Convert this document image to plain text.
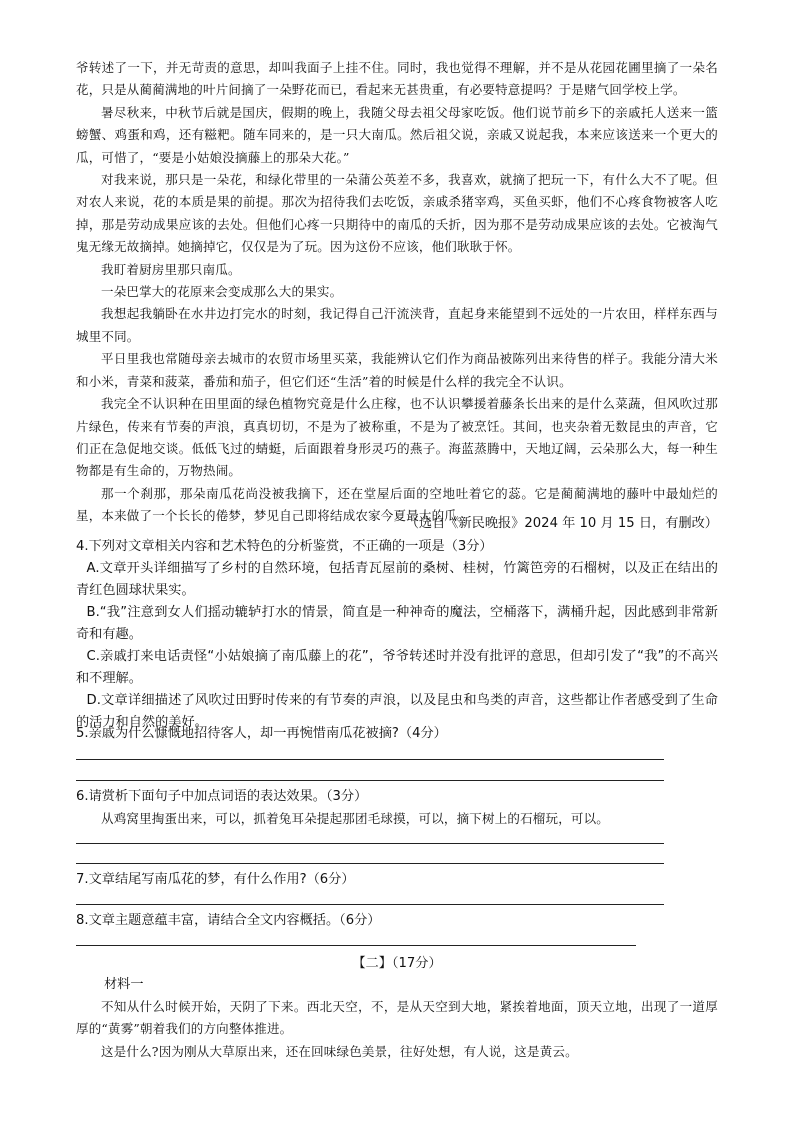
爷转述了一下，并无苛责的意思，却叫我面子上挂不住。同时，我也觉得不理解，并不是从花园花圃里摘了一朵名花，只是从蔺蔺满地的叶片间摘了一朵野花而已，看起来无甚贵重，有必要特意提吗？于是赌气回学校上学。

暑尽秋来，中秋节后就是国庆，假期的晚上，我随父母去祖父母家吃饭。他们说节前乡下的亲戚托人送来一篮螃蟹、鸡蛋和鸡，还有糍粑。随车同来的，是一只大南瓜。然后祖父说，亲戚又说起我，本来应该送来一个更大的瓜，可惜了，“要是小姑娘没摘藤上的那朵大花。”

对我来说，那只是一朵花，和绿化带里的一朵蒲公英差不多，我喜欢，就摘了把玩一下，有什么大不了呢。但对农人来说，花的本质是果的前提。那次为招待我们去吃饭，亲戚杀猪宰鸡，买鱼买虾，他们不心疼食物被客人吃掉，那是劳动成果应该的去处。但他们心疼一只期待中的南瓜的夭折，因为那不是劳动成果应该的去处。它被淘气鬼无缘无故摘掉。她摘掉它，仅仅是为了玩。因为这份不应该，他们耿耿于怀。

我盯着厨房里那只南瓜。

一朵巴掌大的花原来会变成那么大的果实。

我想起我躺卧在水井边打完水的时刻，我记得自己汗流浃背，直起身来能望到不远处的一片农田，样样东西与城里不同。

平日里我也常随母亲去城市的农贸市场里买菜，我能辨认它们作为商品被陈列出来待售的样子。我能分清大米和小米，青菜和菠菜，番茄和茄子，但它们还“生活”着的时候是什么样的我完全不认识。

我完全不认识种在田里面的绿色植物究竟是什么庄稼，也不认识攀援着藤条长出来的是什么菜蔬，但风吹过那片绿色，传来有节奏的声浪，真真切切，不是为了被称重，不是为了被烹饪。其间，也夹杂着无数昆虫的声音，它们正在急促地交谈。低低飞过的蜻蜓，后面跟着身形灵巧的燕子。海蓝蒸腾中，天地辽阔，云朵那么大，每一种生物都是有生命的，万物热闹。

那一个刹那，那朵南瓜花尚没被我摘下，还在堂屋后面的空地吐着它的蕊。它是蔺蔺满地的藤叶中最灿烂的星，本来做了一个长长的倦梦，梦见自己即将结成农家今夏最大的瓜。

（选自《新民晚报》2024 年 10 月 15 日，有删改）

4.下列对文章相关内容和艺术特色的分析鉴赏，不正确的一项是（3分）

A.文章开头详细描写了乡村的自然环境，包括青瓦屋前的桑树、桂树，竹篱笆旁的石榴树，以及正在结出的青红色圆球状果实。

B.“我”注意到女人们摇动辘轳打水的情景，简直是一种神奇的魔法，空桶落下，满桶升起，因此感到非常新奇和有趣。

C.亲戚打来电话责怪“小姑娘摘了南瓜藤上的花”，爷爷转述时并没有批评的意思，但却引发了“我”的不高兴和不理解。

D.文章详细描述了风吹过田野时传来的有节奏的声浪，以及昆虫和鸟类的声音，这些都让作者感受到了生命的活力和自然的美好。

5.亲戚为什么慷慨地招待客人，却一再惋惜南瓜花被摘?（4分）
6.请赏析下面句子中加点词语的表达效果。（3分）
从鸡窝里掏蛋出来，可以，抓着兔耳朵提起那团毛球摸，可以，摘下树上的石榴玩，可以。
7.文章结尾写南瓜花的梦，有什么作用?（6分）
8.文章主题意蕴丰富，请结合全文内容概括。（6分）
【二】（17分）
材料一

不知从什么时候开始，天阴了下来。西北天空，不，是从天空到大地，紧挨着地面，顶天立地，出现了一道厚厚的“黄雾”朝着我们的方向整体推进。

这是什么?因为刚从大草原出来，还在回味绿色美景，往好处想，有人说，这是黄云。
